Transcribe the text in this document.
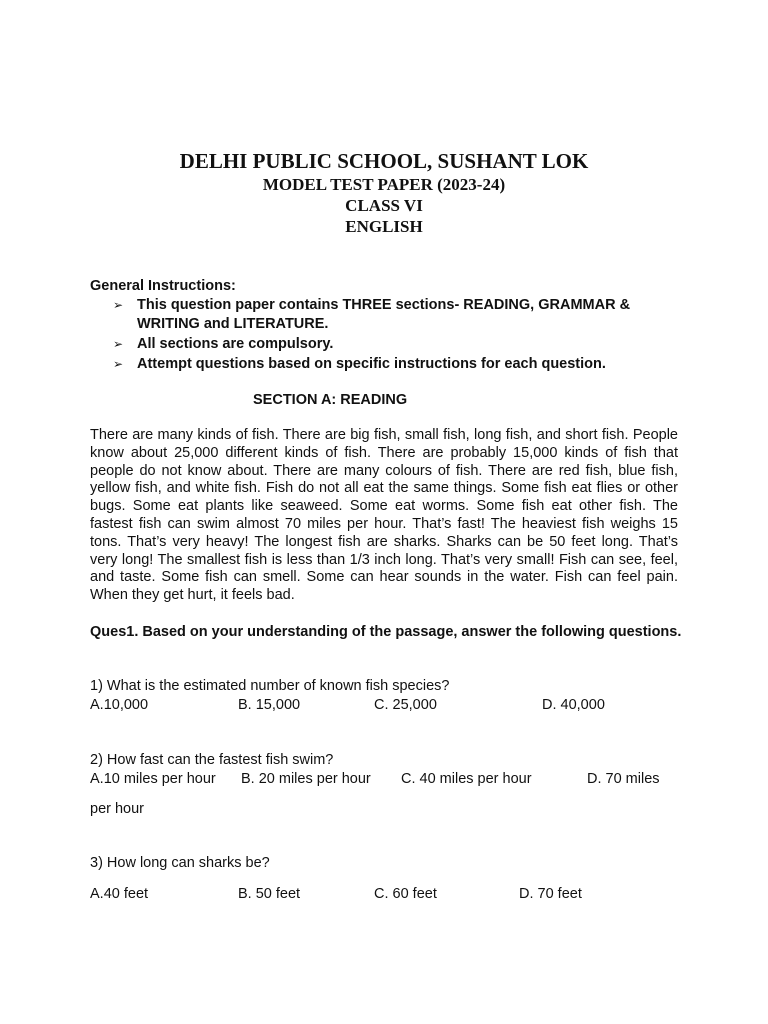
DELHI PUBLIC SCHOOL, SUSHANT LOK
MODEL TEST PAPER (2023-24)
CLASS VI
ENGLISH
General Instructions:
➢ This question paper contains THREE sections- READING, GRAMMAR & WRITING and LITERATURE.
➢ All sections are compulsory.
➢ Attempt questions based on specific instructions for each question.
SECTION A: READING
There are many kinds of fish. There are big fish, small fish, long fish, and short fish. People know about 25,000 different kinds of fish. There are probably 15,000 kinds of fish that people do not know about. There are many colours of fish. There are red fish, blue fish, yellow fish, and white fish. Fish do not all eat the same things. Some fish eat flies or other bugs. Some eat plants like seaweed. Some eat worms. Some fish eat other fish. The fastest fish can swim almost 70 miles per hour. That’s fast! The heaviest fish weighs 15 tons. That’s very heavy! The longest fish are sharks. Sharks can be 50 feet long. That’s very long! The smallest fish is less than 1/3 inch long. That’s very small! Fish can see, feel, and taste. Some fish can smell. Some can hear sounds in the water. Fish can feel pain. When they get hurt, it feels bad.
Ques1. Based on your understanding of the passage, answer the following questions.
1) What is the estimated number of known fish species?
A.10,000	B. 15,000	C. 25,000	D. 40,000
2) How fast can the fastest fish swim?
A.10 miles per hour B. 20 miles per hour C. 40 miles per hour	D. 70 miles
per hour
3) How long can sharks be?
A.40 feet	B. 50 feet	C. 60 feet	D. 70 feet
